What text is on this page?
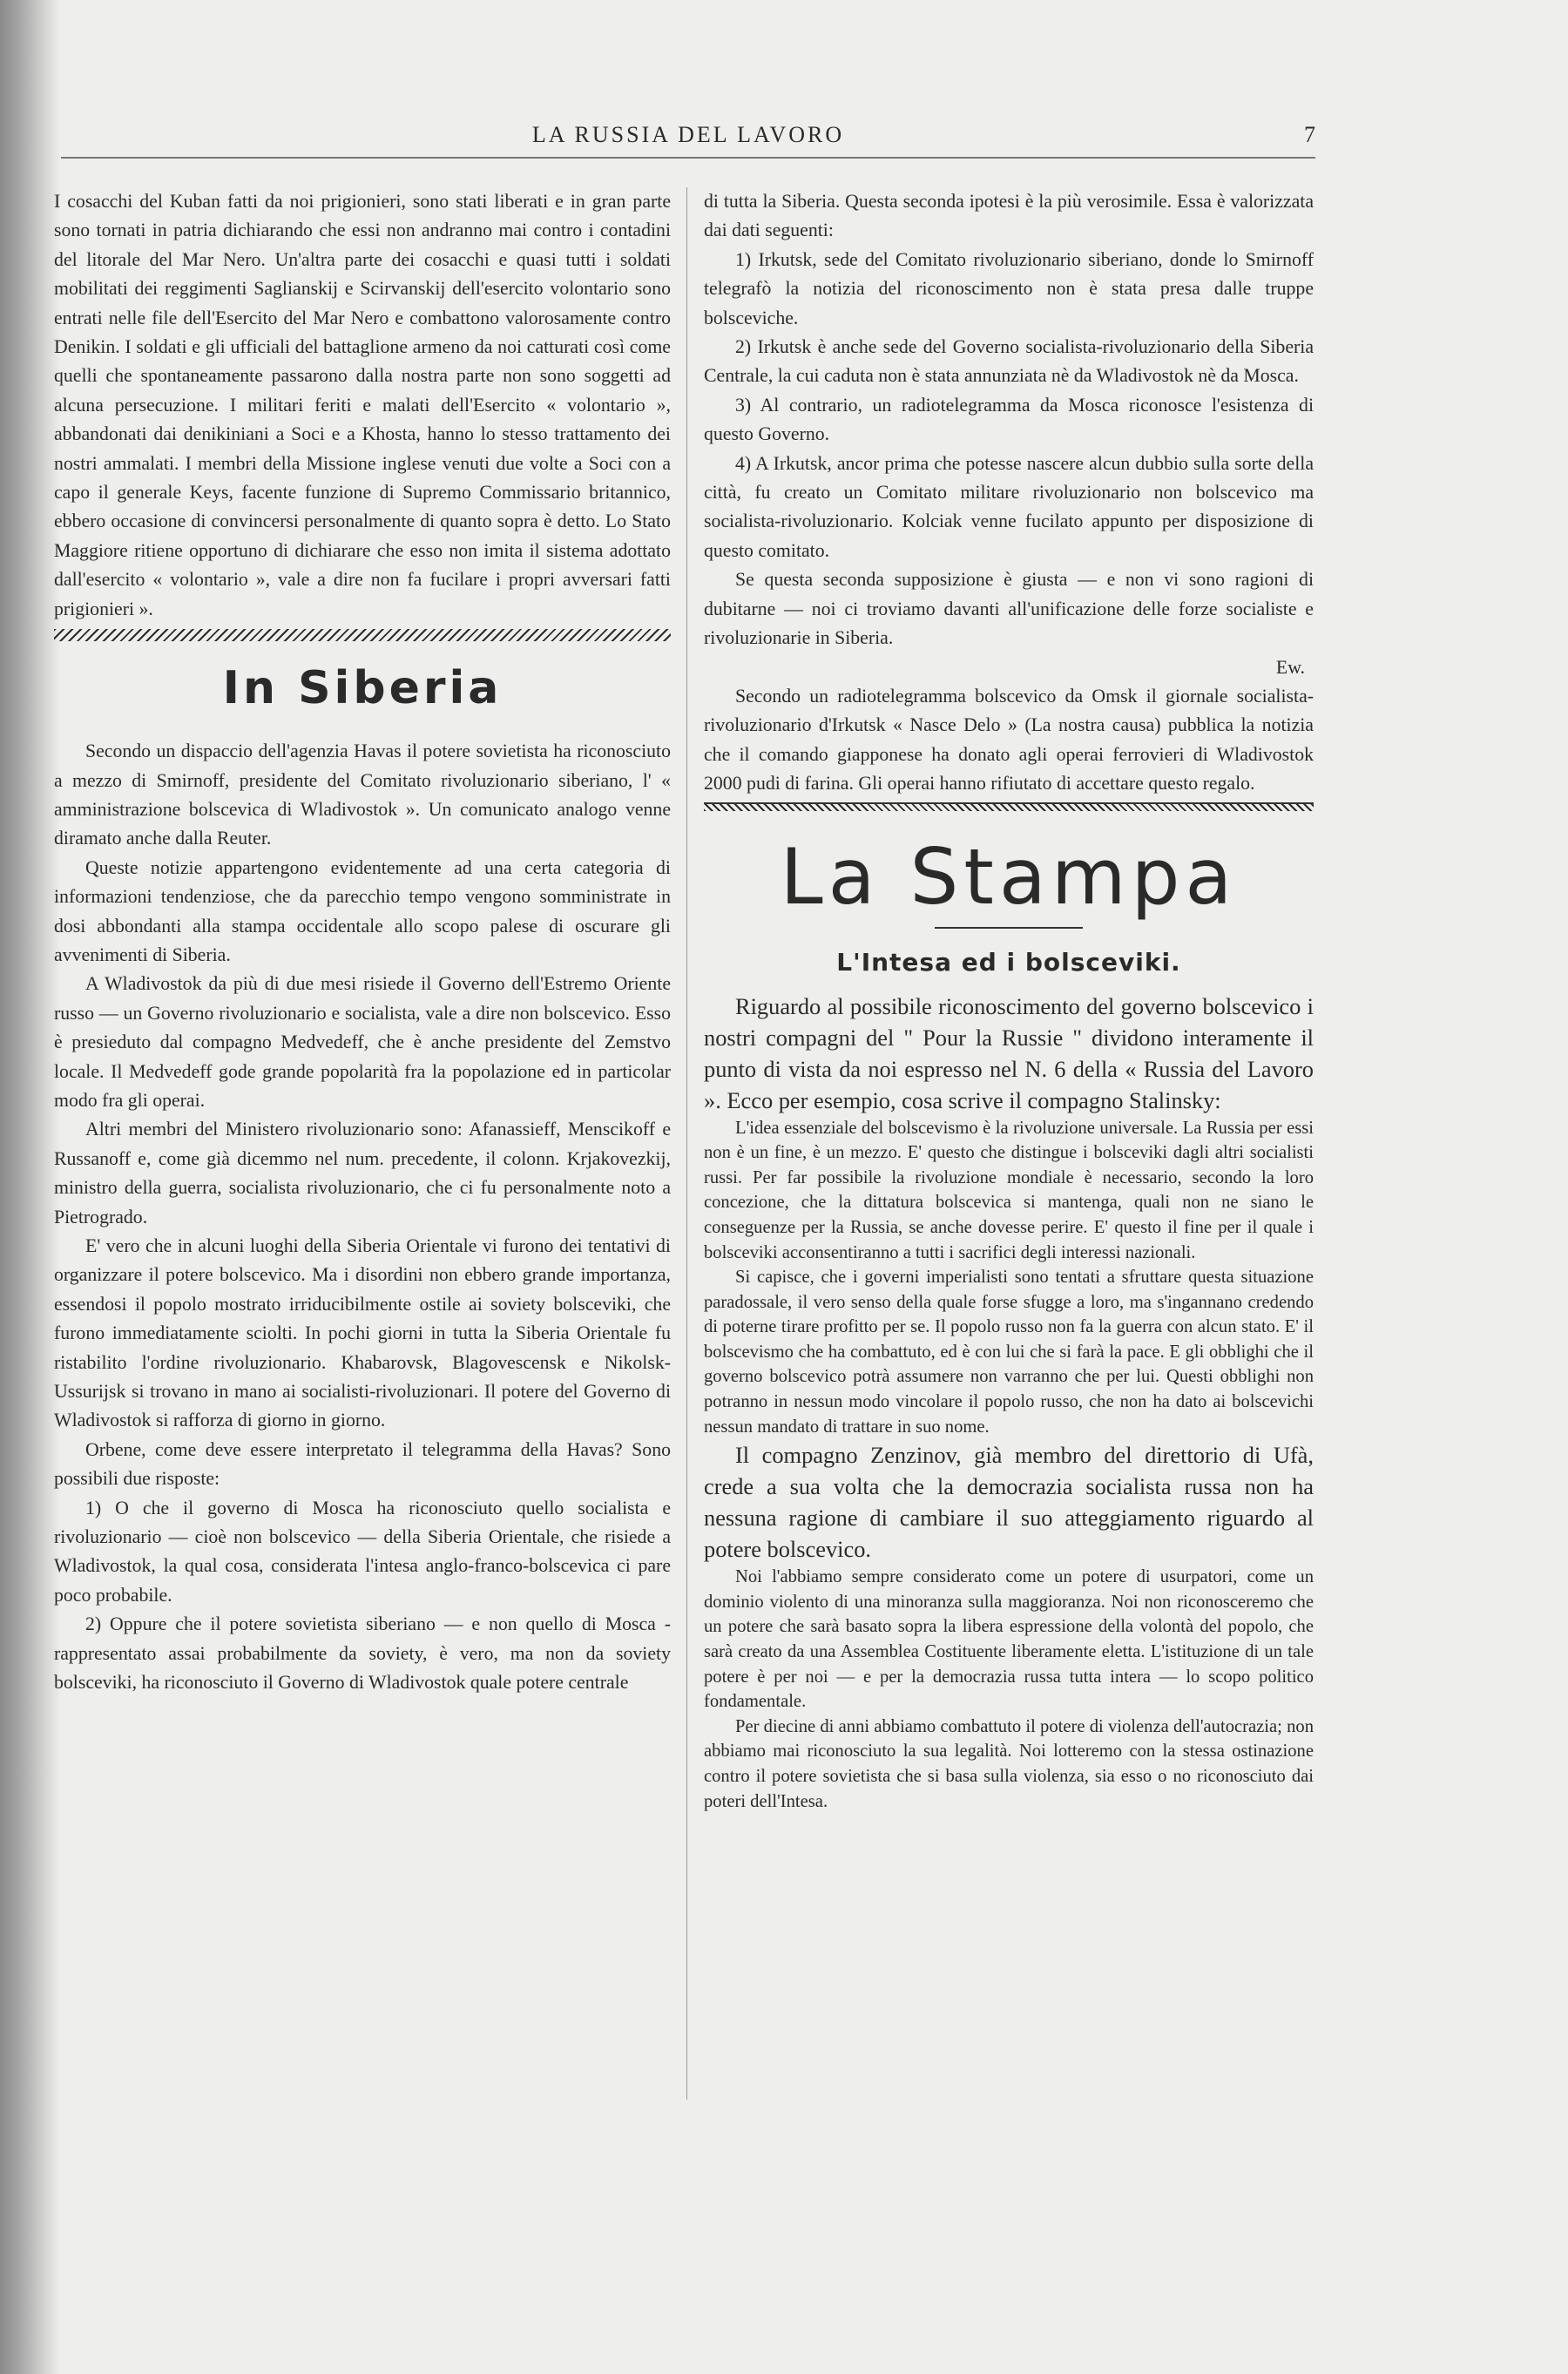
LA RUSSIA DEL LAVORO	7

I cosacchi del Kuban fatti da noi prigionieri, sono stati liberati e in gran parte sono tornati in patria dichiarando che essi non andranno mai contro i contadini del litorale del Mar Nero. Un'altra parte dei cosacchi e quasi tutti i soldati mobilitati dei reggimenti Saglianskij e Scirvanskij dell'esercito volontario sono entrati nelle file dell'Esercito del Mar Nero e combattono valorosamente contro Denikin. I soldati e gli ufficiali del battaglione armeno da noi catturati così come quelli che spontaneamente passarono dalla nostra parte non sono soggetti ad alcuna persecuzione. I militari feriti e malati dell'Esercito « volontario », abbandonati dai denikiniani a Soci e a Khosta, hanno lo stesso trattamento dei nostri ammalati. I membri della Missione inglese venuti due volte a Soci con a capo il generale Keys, facente funzione di Supremo Commissario britannico, ebbero occasione di convincersi personalmente di quanto sopra è detto. Lo Stato Maggiore ritiene opportuno di dichiarare che esso non imita il sistema adottato dall'esercito « volontario », vale a dire non fa fucilare i propri avversari fatti prigionieri ».

In Siberia

Secondo un dispaccio dell'agenzia Havas il potere sovietista ha riconosciuto a mezzo di Smirnoff, presidente del Comitato rivoluzionario siberiano, l' « amministrazione bolscevica di Wladivostok ». Un comunicato analogo venne diramato anche dalla Reuter.

Queste notizie appartengono evidentemente ad una certa categoria di informazioni tendenziose, che da parecchio tempo vengono somministrate in dosi abbondanti alla stampa occidentale allo scopo palese di oscurare gli avvenimenti di Siberia.

A Wladivostok da più di due mesi risiede il Governo dell'Estremo Oriente russo — un Governo rivoluzionario e socialista, vale a dire non bolscevico. Esso è presieduto dal compagno Medvedeff, che è anche presidente del Zemstvo locale. Il Medvedeff gode grande popolarità fra la popolazione ed in particolar modo fra gli operai.

Altri membri del Ministero rivoluzionario sono: Afanassieff, Menscikoff e Russanoff e, come già dicemmo nel num. precedente, il colonn. Krjakovezkij, ministro della guerra, socialista rivoluzionario, che ci fu personalmente noto a Pietrogrado.

E' vero che in alcuni luoghi della Siberia Orientale vi furono dei tentativi di organizzare il potere bolscevico. Ma i disordini non ebbero grande importanza, essendosi il popolo mostrato irriducibilmente ostile ai soviety bolsceviki, che furono immediatamente sciolti. In pochi giorni in tutta la Siberia Orientale fu ristabilito l'ordine rivoluzionario. Khabarovsk, Blagovescensk e Nikolsk-Ussurijsk si trovano in mano ai socialisti-rivoluzionari. Il potere del Governo di Wladivostok si rafforza di giorno in giorno.

Orbene, come deve essere interpretato il telegramma della Havas? Sono possibili due risposte:

1) O che il governo di Mosca ha riconosciuto quello socialista e rivoluzionario — cioè non bolscevico — della Siberia Orientale, che risiede a Wladivostok, la qual cosa, considerata l'intesa anglo-franco-bolscevica ci pare poco probabile.

2) Oppure che il potere sovietista siberiano — e non quello di Mosca - rappresentato assai probabilmente da soviety, è vero, ma non da soviety bolsceviki, ha riconosciuto il Governo di Wladivostok quale potere centrale

di tutta la Siberia. Questa seconda ipotesi è la più verosimile. Essa è valorizzata dai dati seguenti:

1) Irkutsk, sede del Comitato rivoluzionario siberiano, donde lo Smirnoff telegrafò la notizia del riconoscimento non è stata presa dalle truppe bolsceviche.

2) Irkutsk è anche sede del Governo socialista-rivoluzionario della Siberia Centrale, la cui caduta non è stata annunziata nè da Wladivostok nè da Mosca.

3) Al contrario, un radiotelegramma da Mosca riconosce l'esistenza di questo Governo.

4) A Irkutsk, ancor prima che potesse nascere alcun dubbio sulla sorte della città, fu creato un Comitato militare rivoluzionario non bolscevico ma socialista-rivoluzionario. Kolciak venne fucilato appunto per disposizione di questo comitato.

Se questa seconda supposizione è giusta — e non vi sono ragioni di dubitarne — noi ci troviamo davanti all'unificazione delle forze socialiste e rivoluzionarie in Siberia.

Ew.

Secondo un radiotelegramma bolscevico da Omsk il giornale socialista-rivoluzionario d'Irkutsk « Nasce Delo » (La nostra causa) pubblica la notizia che il comando giapponese ha donato agli operai ferrovieri di Wladivostok 2000 pudi di farina. Gli operai hanno rifiutato di accettare questo regalo.

La Stampa
L'Intesa ed i bolsceviki.

Riguardo al possibile riconoscimento del governo bolscevico i nostri compagni del " Pour la Russie " dividono interamente il punto di vista da noi espresso nel N. 6 della « Russia del Lavoro ». Ecco per esempio, cosa scrive il compagno Stalinsky:

L'idea essenziale del bolscevismo è la rivoluzione universale. La Russia per essi non è un fine, è un mezzo. E' questo che distingue i bolsceviki dagli altri socialisti russi. Per far possibile la rivoluzione mondiale è necessario, secondo la loro concezione, che la dittatura bolscevica si mantenga, quali non ne siano le conseguenze per la Russia, se anche dovesse perire. E' questo il fine per il quale i bolsceviki acconsentiranno a tutti i sacrifici degli interessi nazionali.

Si capisce, che i governi imperialisti sono tentati a sfruttare questa situazione paradossale, il vero senso della quale forse sfugge a loro, ma s'ingannano credendo di poterne tirare profitto per se. Il popolo russo non fa la guerra con alcun stato. E' il bolscevismo che ha combattuto, ed è con lui che si farà la pace. E gli obblighi che il governo bolscevico potrà assumere non varranno che per lui. Questi obblighi non potranno in nessun modo vincolare il popolo russo, che non ha dato ai bolscevichi nessun mandato di trattare in suo nome.

Il compagno Zenzinov, già membro del direttorio di Ufà, crede a sua volta che la democrazia socialista russa non ha nessuna ragione di cambiare il suo atteggiamento riguardo al potere bolscevico.

Noi l'abbiamo sempre considerato come un potere di usurpatori, come un dominio violento di una minoranza sulla maggioranza. Noi non riconosceremo che un potere che sarà basato sopra la libera espressione della volontà del popolo, che sarà creato da una Assemblea Costituente liberamente eletta. L'istituzione di un tale potere è per noi — e per la democrazia russa tutta intera — lo scopo politico fondamentale.

Per diecine di anni abbiamo combattuto il potere di violenza dell'autocrazia; non abbiamo mai riconosciuto la sua legalità. Noi lotteremo con la stessa ostinazione contro il potere sovietista che si basa sulla violenza, sia esso o no riconosciuto dai poteri dell'Intesa.
